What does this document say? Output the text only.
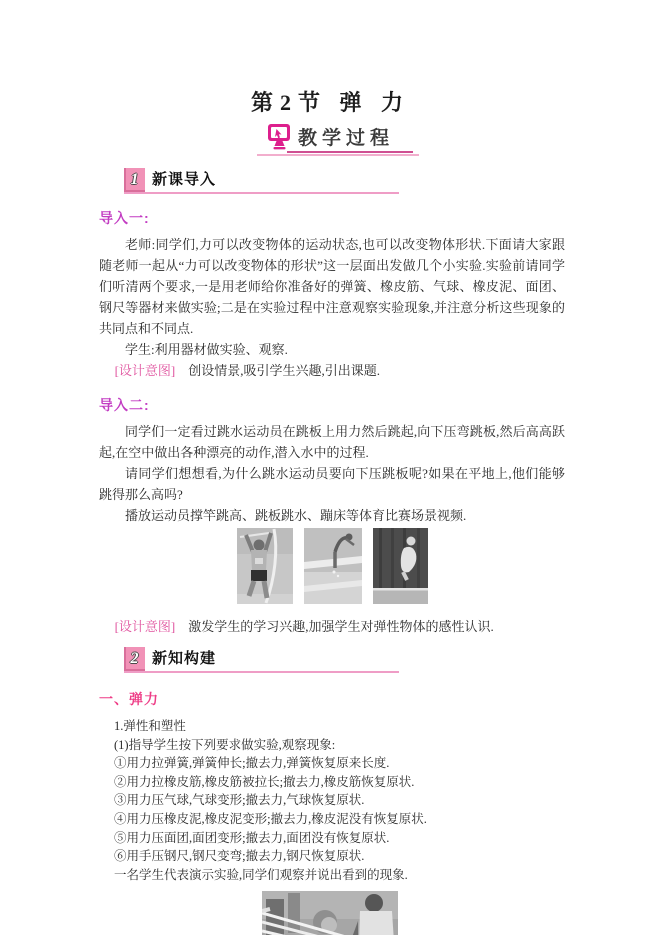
第2节 弹 力
教学过程
1 新课导入

导入一:

老师:同学们,力可以改变物体的运动状态,也可以改变物体形状.下面请大家跟随老师一起从“力可以改变物体的形状”这一层面出发做几个小实验.实验前请同学们听清两个要求,一是用老师给你准备好的弹簧、橡皮筋、气球、橡皮泥、面团、钢尺等器材来做实验;二是在实验过程中注意观察实验现象,并注意分析这些现象的共同点和不同点.

学生:利用器材做实验、观察.

[设计意图] 创设情景,吸引学生兴趣,引出课题.

导入二:

同学们一定看过跳水运动员在跳板上用力然后跳起,向下压弯跳板,然后高高跃起,在空中做出各种漂亮的动作,潜入水中的过程.

请同学们想想看,为什么跳水运动员要向下压跳板呢?如果在平地上,他们能够跳得那么高吗?

播放运动员撑竿跳高、跳板跳水、蹦床等体育比赛场景视频.

[设计意图] 激发学生的学习兴趣,加强学生对弹性物体的感性认识.

2 新知构建

一、弹力

1.弹性和塑性

(1)指导学生按下列要求做实验,观察现象:

①用力拉弹簧,弹簧伸长;撤去力,弹簧恢复原来长度.

②用力拉橡皮筋,橡皮筋被拉长;撤去力,橡皮筋恢复原状.

③用力压气球,气球变形;撤去力,气球恢复原状.

④用力压橡皮泥,橡皮泥变形;撤去力,橡皮泥没有恢复原状.

⑤用力压面团,面团变形;撤去力,面团没有恢复原状.

⑥用手压钢尺,钢尺变弯;撤去力,钢尺恢复原状.

一名学生代表演示实验,同学们观察并说出看到的现象.
